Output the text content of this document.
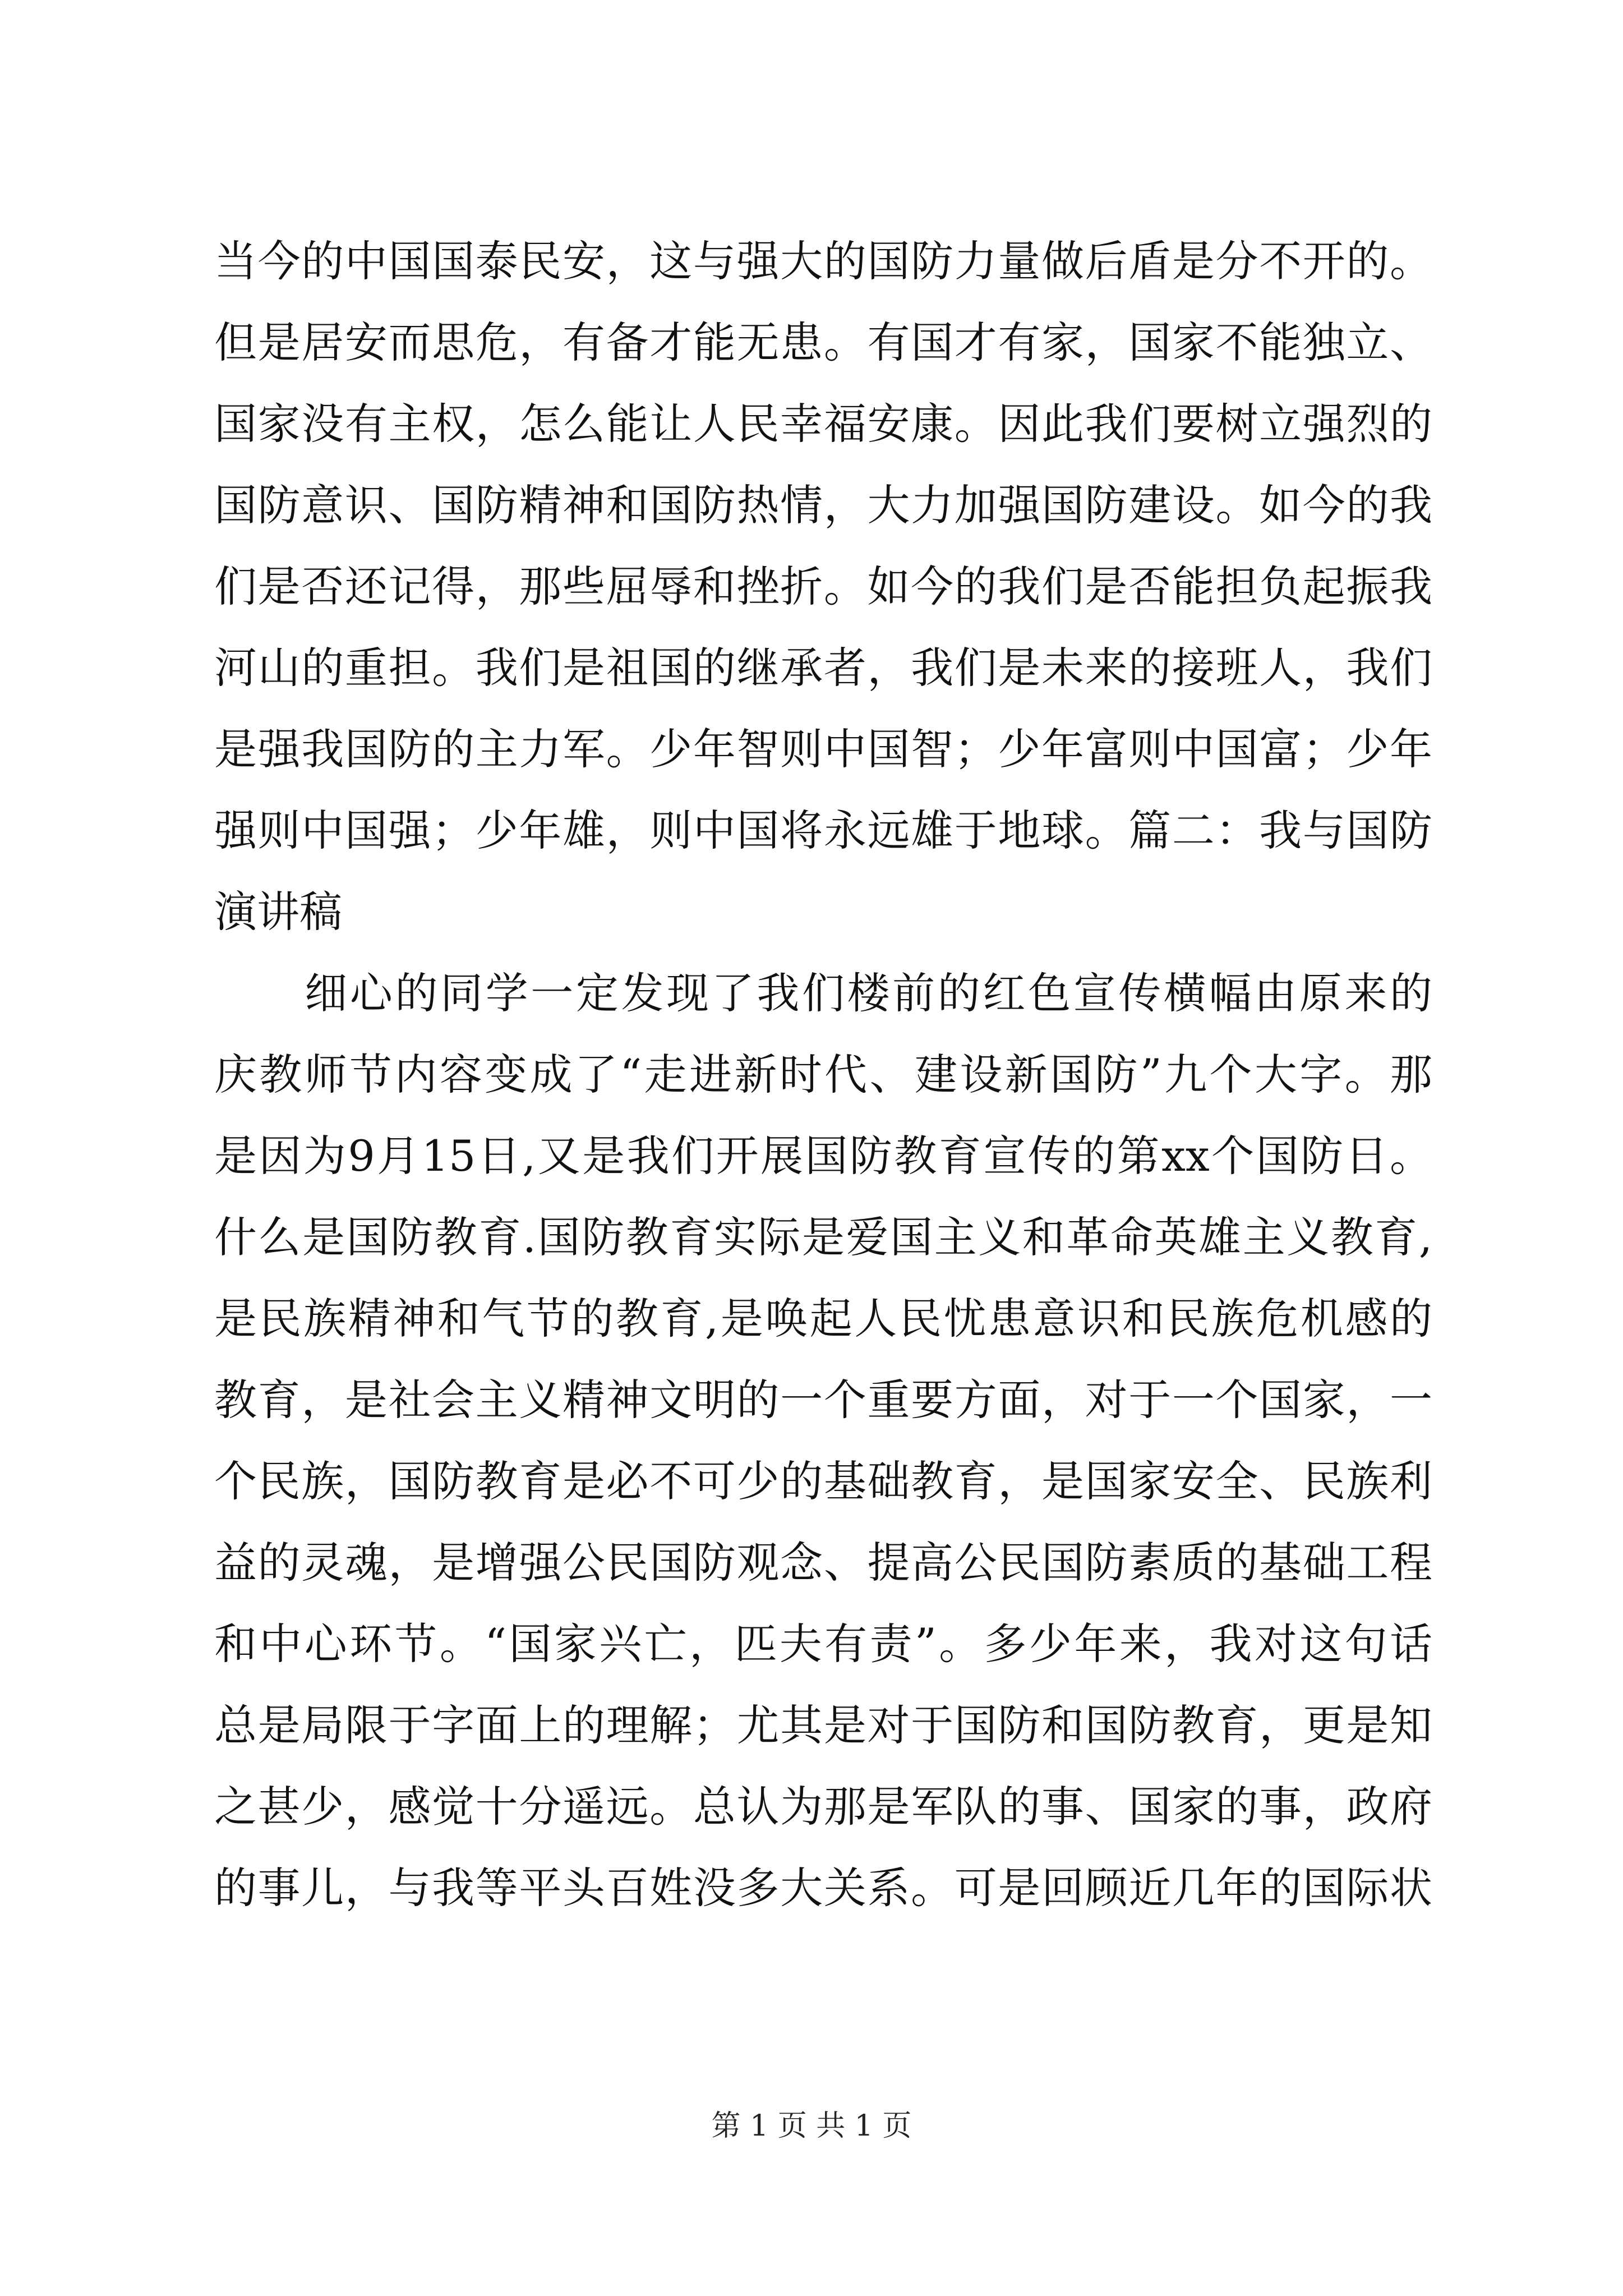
当今的中国国泰民安，这与强大的国防力量做后盾是分不开的。
但是居安而思危，有备才能无患。有国才有家，国家不能独立、
国家没有主权，怎么能让人民幸福安康。因此我们要树立强烈的
国防意识、国防精神和国防热情，大力加强国防建设。如今的我
们是否还记得，那些屈辱和挫折。如今的我们是否能担负起振我
河山的重担。我们是祖国的继承者，我们是未来的接班人，我们
是强我国防的主力军。少年智则中国智；少年富则中国富；少年
强则中国强；少年雄，则中国将永远雄于地球。篇二：我与国防
演讲稿
　　细心的同学一定发现了我们楼前的红色宣传横幅由原来的
庆教师节内容变成了“走进新时代、建设新国防”九个大字。那
是因为9月15日,又是我们开展国防教育宣传的第xx个国防日。
什么是国防教育.国防教育实际是爱国主义和革命英雄主义教育,
是民族精神和气节的教育,是唤起人民忧患意识和民族危机感的
教育，是社会主义精神文明的一个重要方面，对于一个国家，一
个民族，国防教育是必不可少的基础教育，是国家安全、民族利
益的灵魂，是增强公民国防观念、提高公民国防素质的基础工程
和中心环节。“国家兴亡，匹夫有责”。多少年来，我对这句话
总是局限于字面上的理解；尤其是对于国防和国防教育，更是知
之甚少，感觉十分遥远。总认为那是军队的事、国家的事，政府
的事儿，与我等平头百姓没多大关系。可是回顾近几年的国际状
第 1 页 共 1 页
